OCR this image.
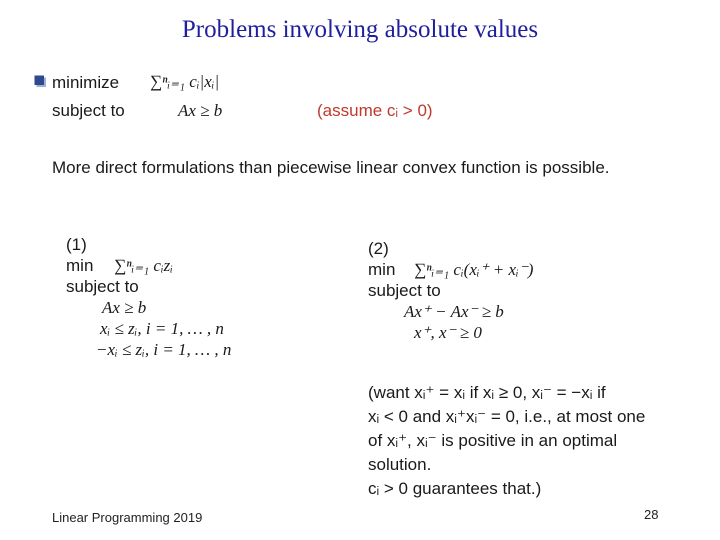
Problems involving absolute values
minimize ∑ⁿᵢ₌₁ cᵢ|xᵢ|
subject to	Ax ≥ b	(assume cᵢ > 0)
More direct formulations than piecewise linear convex function is possible.
(1)
min ∑ⁿᵢ₌₁ cᵢzᵢ
subject to
Ax ≥ b
xᵢ ≤ zᵢ, i = 1, … , n
−xᵢ ≤ zᵢ, i = 1, … , n
(2)
min ∑ⁿᵢ₌₁ cᵢ(xᵢ⁺ + xᵢ⁻)
subject to
Ax⁺ − Ax⁻ ≥ b
x⁺, x⁻ ≥ 0
(want xᵢ⁺ = xᵢ if xᵢ ≥ 0, xᵢ⁻ = −xᵢ if
xᵢ < 0 and xᵢ⁺xᵢ⁻ = 0, i.e., at most one
of xᵢ⁺, xᵢ⁻ is positive in an optimal
solution.
cᵢ > 0 guarantees that.)
Linear Programming 2019	28
